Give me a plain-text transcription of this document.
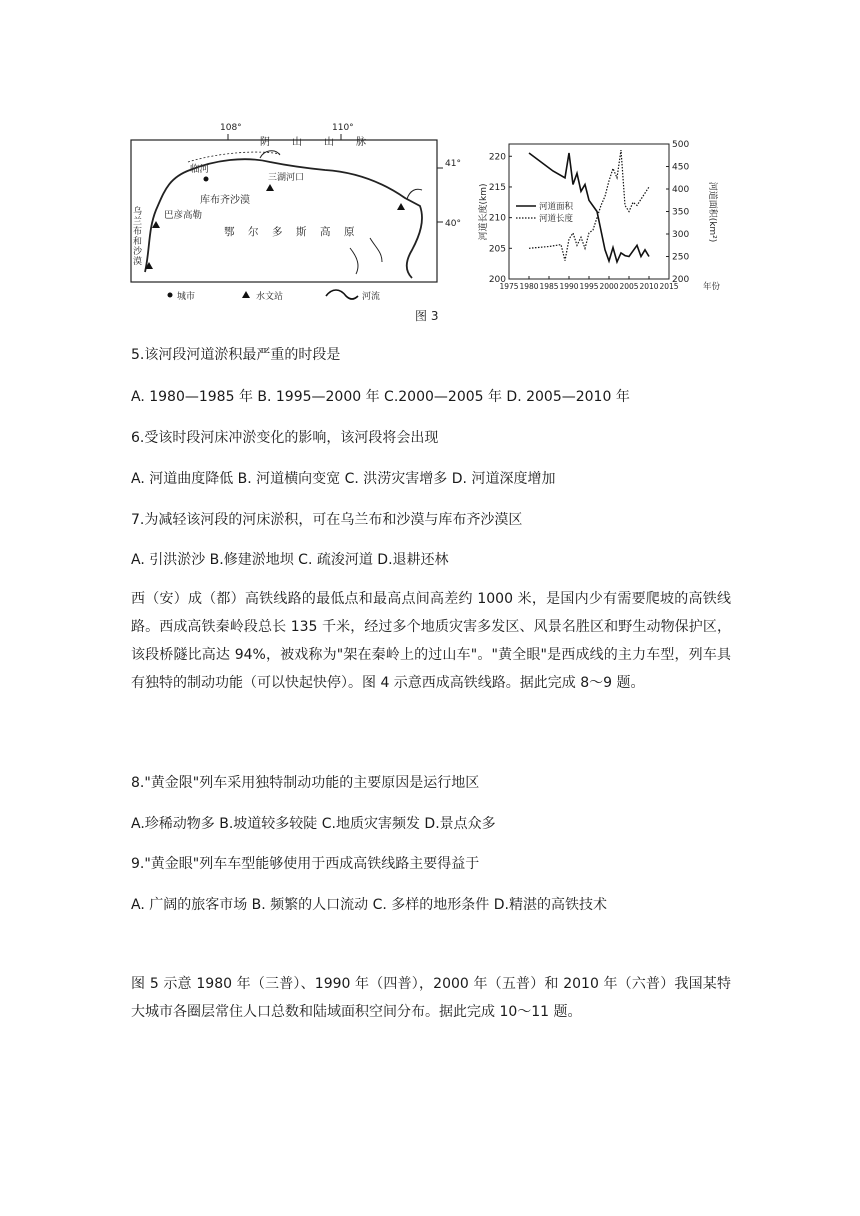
108°	110°
41°
40°
阴 山 山 脉
临河
三湖河口
库布齐沙漠
巴彦高勒
乌
兰
布
和
沙
漠
鄂 尔 多 斯 高 原
城市	水文站	河流
图 3
1975 1980 1985 1990 1995 2000 2005 2010 2015
200
205
210
215
220
200
250
300
350
400
450
500
河道长度(km)	河道面积(km²)
年份
河道面积
河道长度
5.该河段河道淤积最严重的时段是
A. 1980—1985 年 B. 1995—2000 年 C.2000—2005 年 D. 2005—2010 年
6.受该时段河床冲淤变化的影响，该河段将会出现
A. 河道曲度降低 B. 河道横向变宽 C. 洪涝灾害增多 D. 河道深度增加
7.为减轻该河段的河床淤积，可在乌兰布和沙漠与库布齐沙漠区
A. 引洪淤沙 B.修建淤地坝 C. 疏浚河道 D.退耕还林
西（安）成（都）高铁线路的最低点和最高点间高差约 1000 米，是国内少有需要爬坡的高铁线路。西成高铁秦岭段总长 135 千米，经过多个地质灾害多发区、风景名胜区和野生动物保护区，该段桥隧比高达 94%，被戏称为"架在秦岭上的过山车"。"黄全眼"是西成线的主力车型，列车具有独特的制动功能（可以快起快停）。图 4 示意西成高铁线路。据此完成 8～9 题。
8."黄金限"列车采用独特制动功能的主要原因是运行地区
A.珍稀动物多 B.坡道较多较陡 C.地质灾害频发 D.景点众多
9."黄金眼"列车车型能够使用于西成高铁线路主要得益于
A. 广阔的旅客市场 B. 频繁的人口流动 C. 多样的地形条件 D.精湛的高铁技术
图 5 示意 1980 年（三普）、1990 年（四普），2000 年（五普）和 2010 年（六普）我国某特大城市各圈层常住人口总数和陆域面积空间分布。据此完成 10～11 题。
